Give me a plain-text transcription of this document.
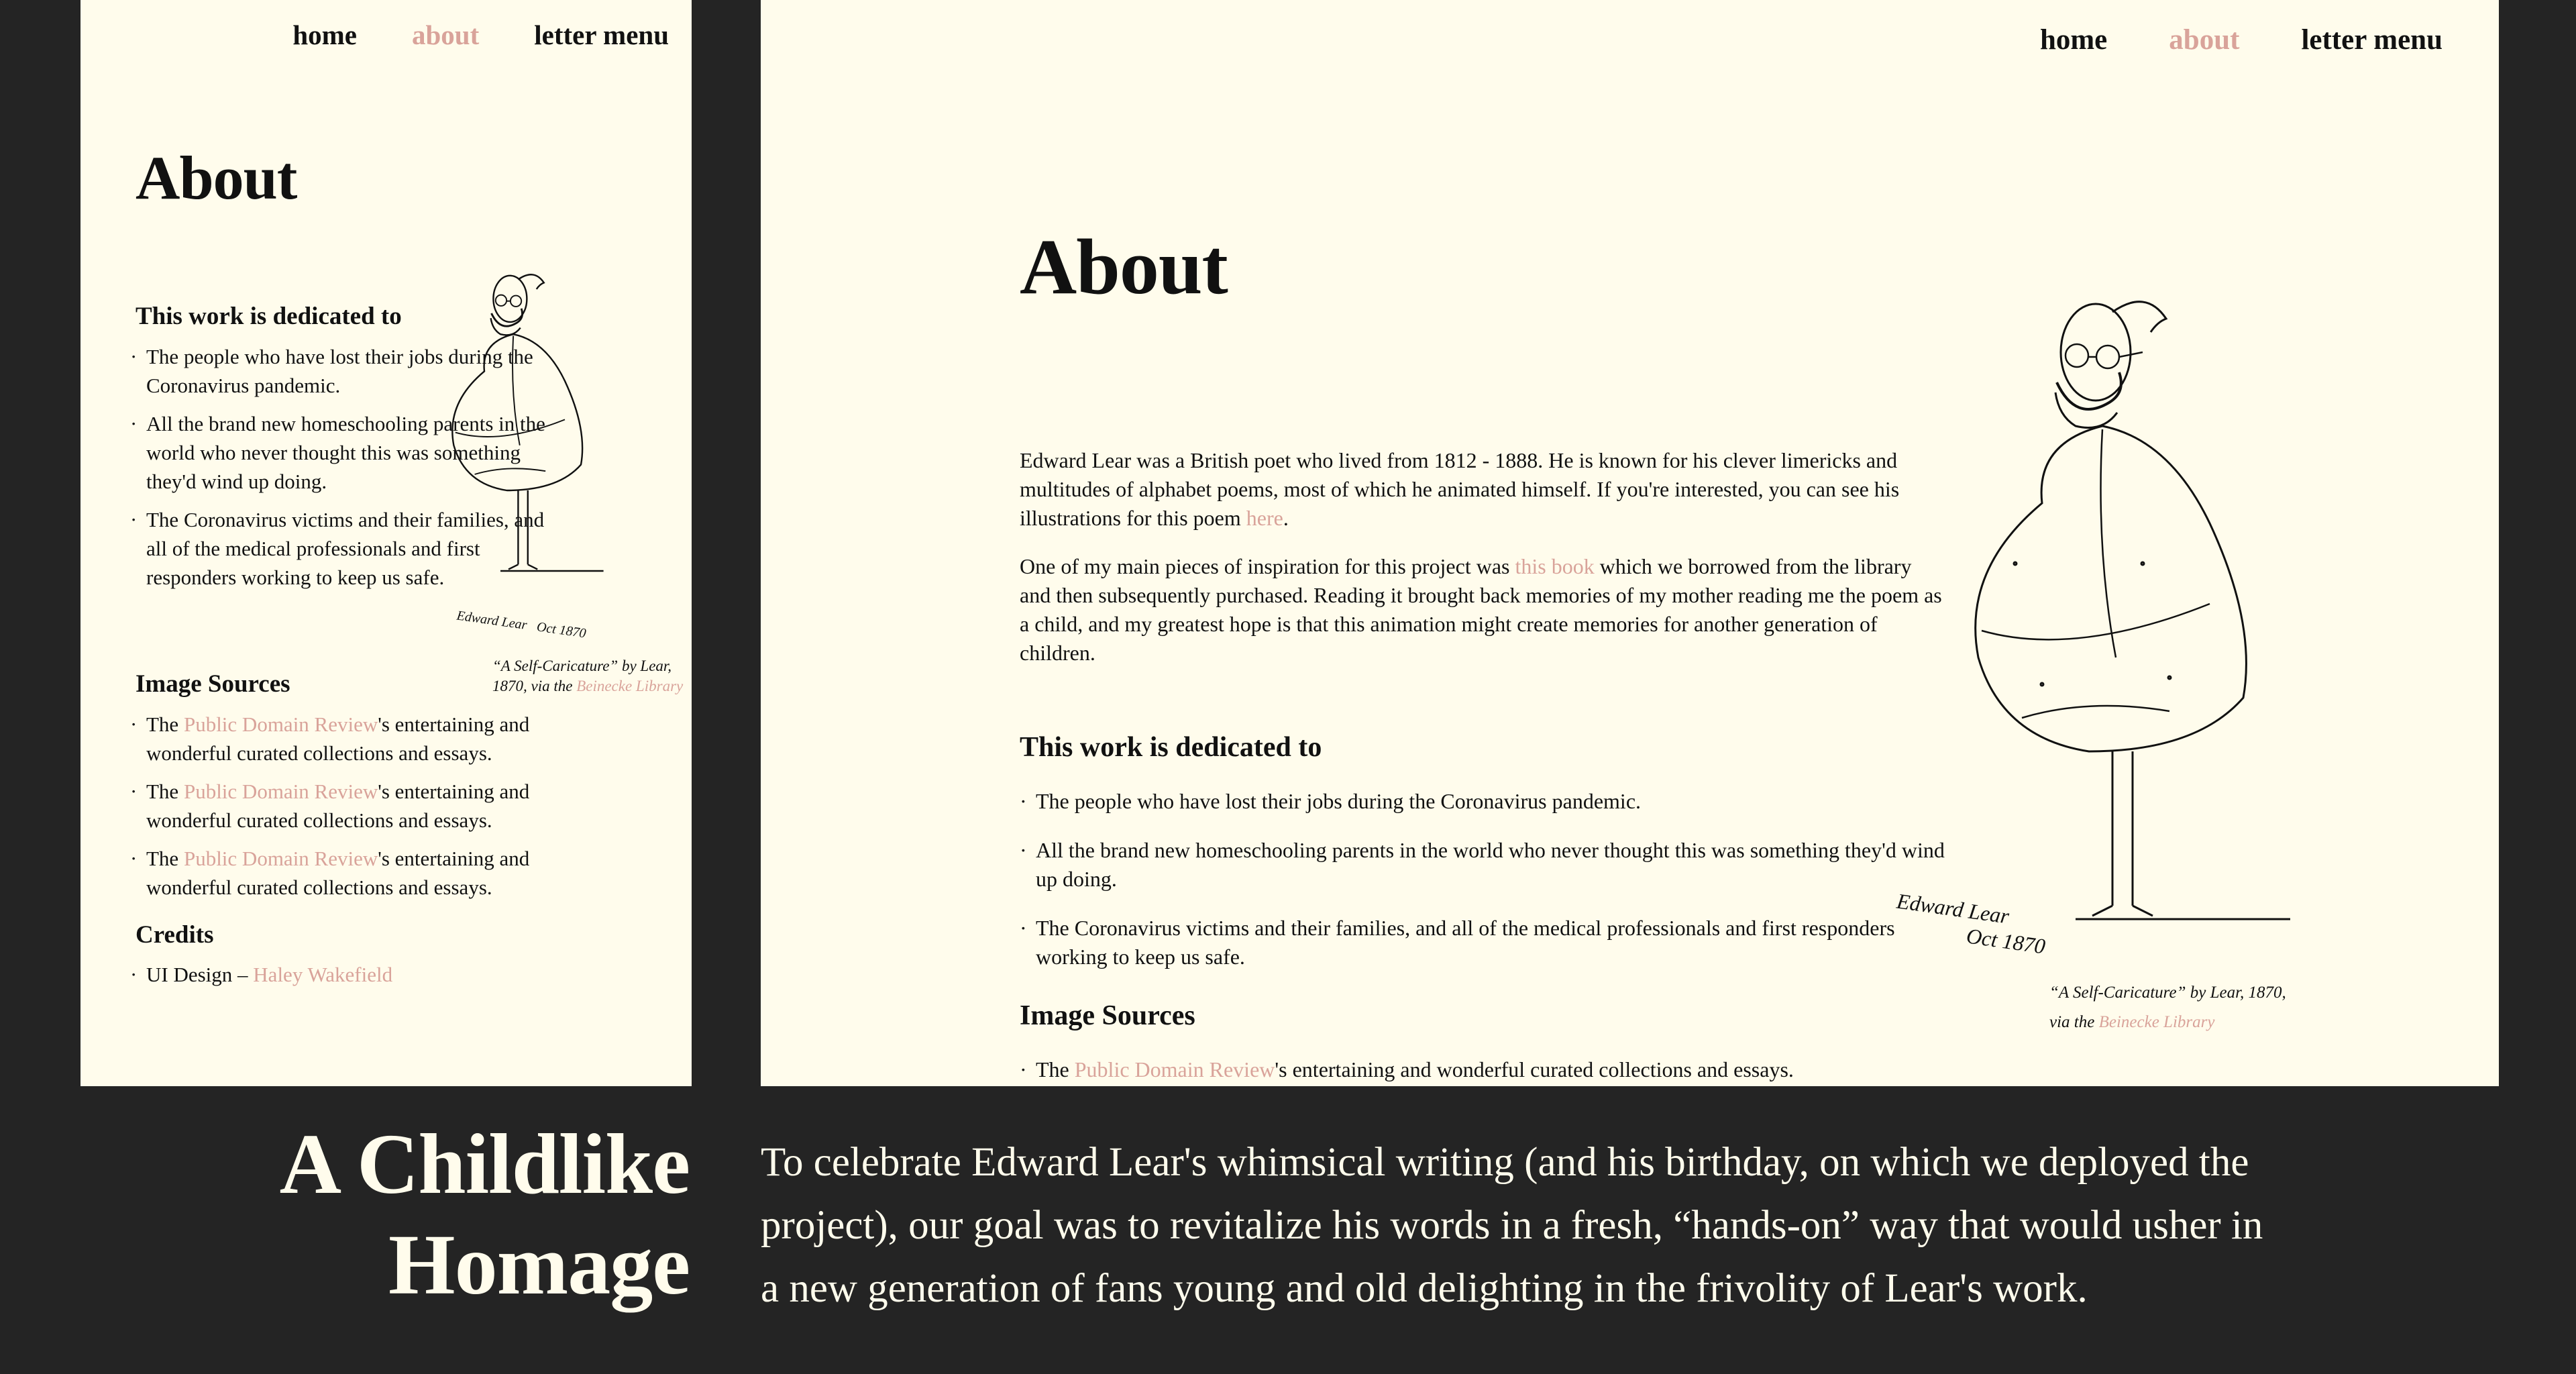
home about letter menu
About
This work is dedicated to
· The people who have lost their jobs during the Coronavirus pandemic.
· All the brand new homeschooling parents in the world who never thought this was something they'd wind up doing.
· The Coronavirus victims and their families, and all of the medical professionals and first responders working to keep us safe.
Edward Lear Oct 1870
“A Self-Caricature” by Lear, 1870, via the Beinecke Library
Image Sources
· The Public Domain Review's entertaining and wonderful curated collections and essays.
· The Public Domain Review's entertaining and wonderful curated collections and essays.
· The Public Domain Review's entertaining and wonderful curated collections and essays.
Credits
· UI Design – Haley Wakefield
home about letter menu
About

Edward Lear was a British poet who lived from 1812 - 1888. He is known for his clever limericks and multitudes of alphabet poems, most of which he animated himself. If you're interested, you can see his illustrations for this poem here.

One of my main pieces of inspiration for this project was this book which we borrowed from the library and then subsequently purchased. Reading it brought back memories of my mother reading me the poem as a child, and my greatest hope is that this animation might create memories for another generation of children.

This work is dedicated to
· The people who have lost their jobs during the Coronavirus pandemic.
· All the brand new homeschooling parents in the world who never thought this was something they'd wind up doing.
· The Coronavirus victims and their families, and all of the medical professionals and first responders working to keep us safe.
Image Sources
· The Public Domain Review's entertaining and wonderful curated collections and essays.
Edward Lear
Oct 1870
“A Self-Caricature” by Lear, 1870, via the Beinecke Library
A Childlike
Homage

To celebrate Edward Lear's whimsical writing (and his birthday, on which we deployed the project), our goal was to revitalize his words in a fresh, “hands-on” way that would usher in a new generation of fans young and old delighting in the frivolity of Lear's work.
